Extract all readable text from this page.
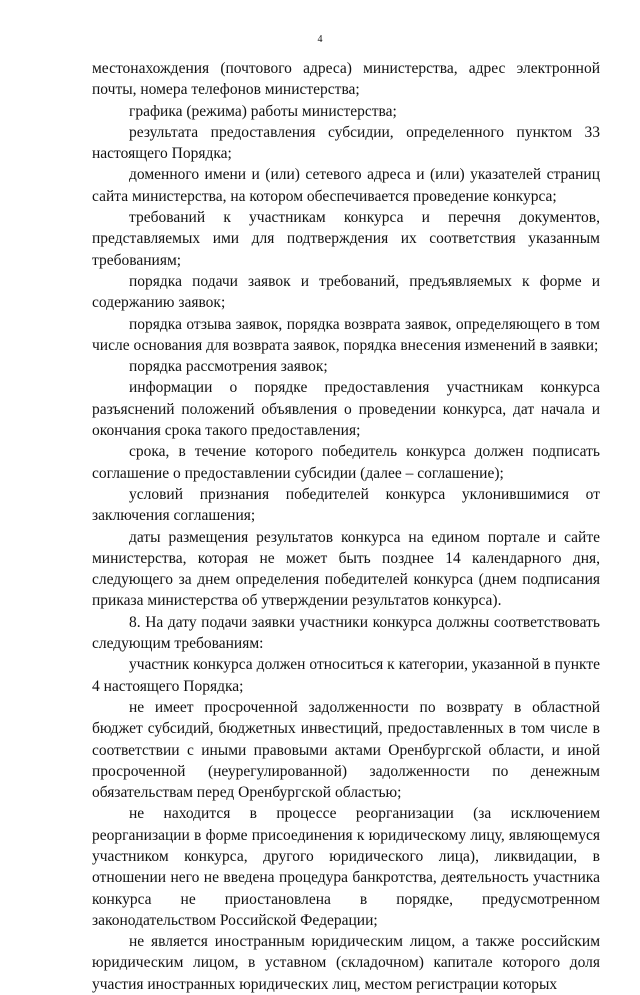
4

местонахождения (почтового адреса) министерства, адрес электронной почты, номера телефонов министерства;

графика (режима) работы министерства;

результата предоставления субсидии, определенного пунктом 33 настоящего Порядка;

доменного имени и (или) сетевого адреса и (или) указателей страниц сайта министерства, на котором обеспечивается проведение конкурса;

требований к участникам конкурса и перечня документов, представляемых ими для подтверждения их соответствия указанным требованиям;

порядка подачи заявок и требований, предъявляемых к форме и содержанию заявок;

порядка отзыва заявок, порядка возврата заявок, определяющего в том числе основания для возврата заявок, порядка внесения изменений в заявки;

порядка рассмотрения заявок;

информации о порядке предоставления участникам конкурса разъяснений положений объявления о проведении конкурса, дат начала и окончания срока такого предоставления;

срока, в течение которого победитель конкурса должен подписать соглашение о предоставлении субсидии (далее – соглашение);

условий признания победителей конкурса уклонившимися от заключения соглашения;

даты размещения результатов конкурса на едином портале и сайте министерства, которая не может быть позднее 14 календарного дня, следующего за днем определения победителей конкурса (днем подписания приказа министерства об утверждении результатов конкурса).

8. На дату подачи заявки участники конкурса должны соответствовать следующим требованиям:

участник конкурса должен относиться к категории, указанной в пункте 4 настоящего Порядка;

не имеет просроченной задолженности по возврату в областной бюджет субсидий, бюджетных инвестиций, предоставленных в том числе в соответствии с иными правовыми актами Оренбургской области, и иной просроченной (неурегулированной) задолженности по денежным обязательствам перед Оренбургской областью;

не находится в процессе реорганизации (за исключением реорганизации в форме присоединения к юридическому лицу, являющемуся участником конкурса, другого юридического лица), ликвидации, в отношении него не введена процедура банкротства, деятельность участника конкурса не приостановлена в порядке, предусмотренном законодательством Российской Федерации;

не является иностранным юридическим лицом, а также российским юридическим лицом, в уставном (складочном) капитале которого доля участия иностранных юридических лиц, местом регистрации которых
